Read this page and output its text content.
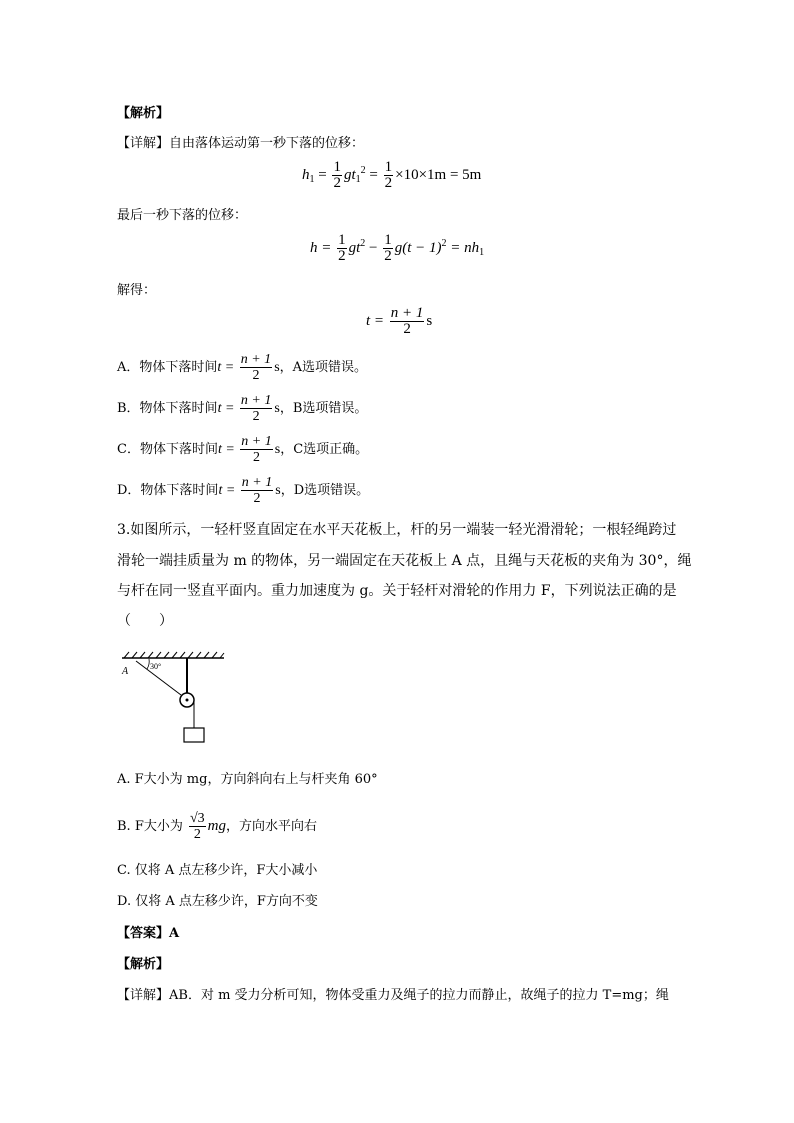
【解析】
【详解】自由落体运动第一秒下落的位移：
$h_1 = \frac{1}{2} gt_1^2 = \frac{1}{2} \times 10\times 1m = 5m$
最后一秒下落的位移：
$h = \frac{1}{2} gt^2 - \frac{1}{2} g(t - 1)^2 = nh_1$
解得：
$t = \frac{n + 1}{2}$ s
A．物体下落时间$t = \frac{n + 1}{2}$ s，A选项错误。
B．物体下落时间$t = \frac{n + 1}{2}$ s，B选项错误。
C．物体下落时间$t = \frac{n + 1}{2}$ s，C选项正确。
D．物体下落时间$t = \frac{n + 1}{2}$ s，D选项错误。
3.如图所示，一轻杆竖直固定在水平天花板上，杆的另一端装一轻光滑滑轮；一根轻绳跨过
滑轮一端挂质量为 m 的物体，另一端固定在天花板上 A 点，且绳与天花板的夹角为 30°，绳
与杆在同一竖直平面内。重力加速度为 g。关于轻杆对滑轮的作用力 F，下列说法正确的是
（　　）
A	30°
A. F大小为 mg，方向斜向右上与杆夹角 60°
B. F大小为 $\frac{√3}{2}$ mg，方向水平向右
C. 仅将 A 点左移少许，F大小减小
D. 仅将 A 点左移少许，F方向不变
【答案】A
【解析】
【详解】AB．对 m 受力分析可知，物体受重力及绳子的拉力而静止，故绳子的拉力 T=mg；绳
